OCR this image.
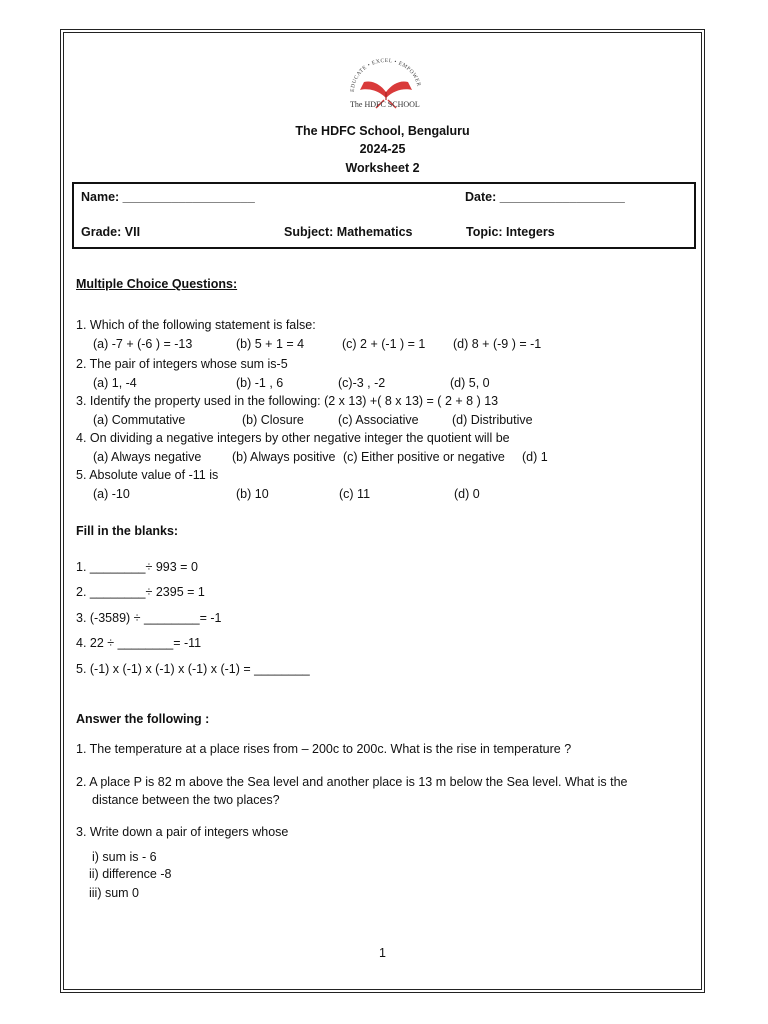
EDUCATE • EXCEL • EMPOWER
The HDFC SCHOOL
The HDFC School, Bengaluru
2024-25
Worksheet 2
Name: ___________________	Date: __________________
Grade: VII	Subject: Mathematics	Topic: Integers
Multiple Choice Questions:
1. Which of the following statement is false:
(a) -7 + (-6 ) = -13	(b) 5 + 1 = 4	(c) 2 + (-1 ) = 1 (d) 8 + (-9 ) = -1
2. The pair of integers whose sum is-5
(a) 1, -4	(b) -1 , 6	(c)-3 , -2	(d) 5, 0
3. Identify the property used in the following: (2 x 13) +( 8 x 13) = ( 2 + 8 ) 13
(a) Commutative	(b) Closure	(c) Associative	(d) Distributive
4. On dividing a negative integers by other negative integer the quotient will be
(a) Always negative (b) Always positive (c) Either positive or negative (d) 1
5. Absolute value of -11 is
(a) -10	(b) 10	(c) 11	(d) 0
Fill in the blanks:
1. ________÷ 993 = 0
2. ________÷ 2395 = 1
3. (-3589) ÷ ________= -1
4. 22 ÷ ________= -11
5. (-1) x (-1) x (-1) x (-1) x (-1) = ________
Answer the following :
1. The temperature at a place rises from – 200c to 200c. What is the rise in temperature ?
2. A place P is 82 m above the Sea level and another place is 13 m below the Sea level. What is the
distance between the two places?
3. Write down a pair of integers whose
i) sum is - 6
ii) difference -8
iii) sum 0
1
